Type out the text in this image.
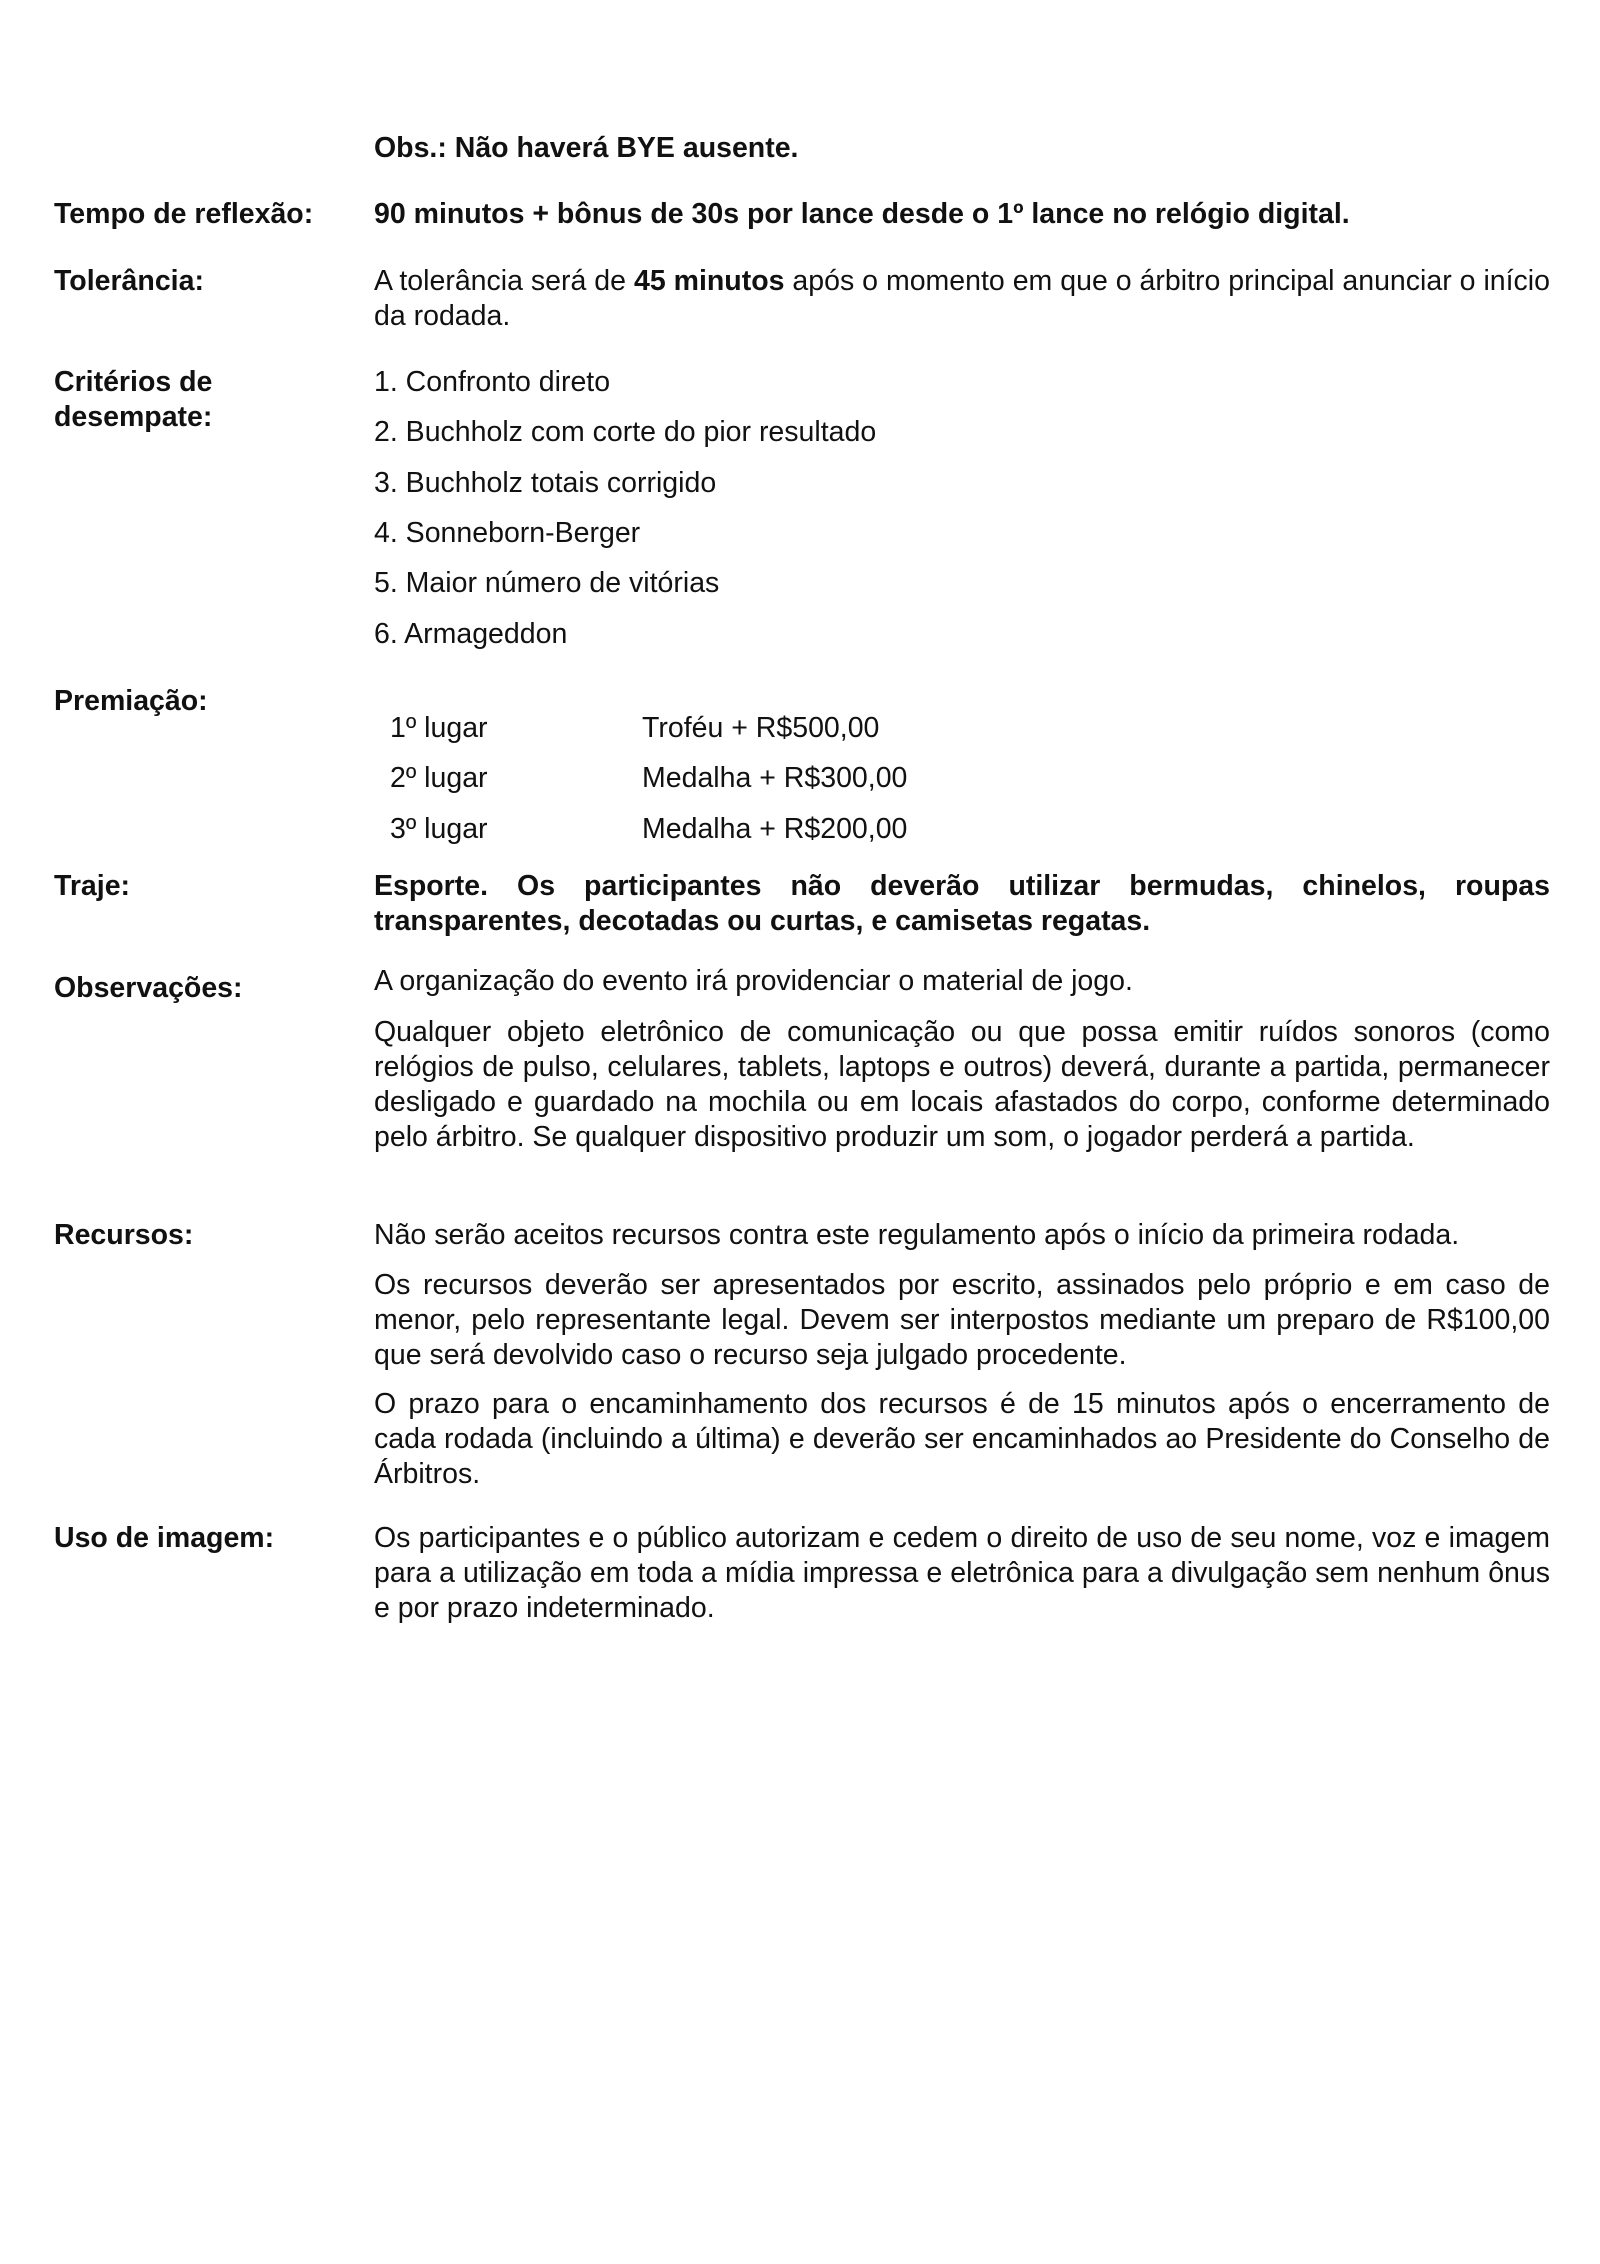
Obs.: Não haverá BYE ausente.
Tempo de reflexão:	90 minutos + bônus de 30s por lance desde o 1º lance no relógio digital.
Tolerância:	A tolerância será de 45 minutos após o momento em que o árbitro principal anunciar o início da rodada.
Critérios de
desempate:
1. Confronto direto
2. Buchholz com corte do pior resultado
3. Buchholz totais corrigido
4. Sonneborn-Berger
5. Maior número de vitórias
6. Armageddon
Premiação:
1º lugar	Troféu + R$500,00
2º lugar	Medalha + R$300,00
3º lugar	Medalha + R$200,00
Traje:	Esporte. Os participantes não deverão utilizar bermudas, chinelos, roupas transparentes, decotadas ou curtas, e camisetas regatas.
Observações:	A organização do evento irá providenciar o material de jogo.
Qualquer objeto eletrônico de comunicação ou que possa emitir ruídos sonoros (como relógios de pulso, celulares, tablets, laptops e outros) deverá, durante a partida, permanecer desligado e guardado na mochila ou em locais afastados do corpo, conforme determinado pelo árbitro. Se qualquer dispositivo produzir um som, o jogador perderá a partida.
Recursos:	Não serão aceitos recursos contra este regulamento após o início da primeira rodada.
Os recursos deverão ser apresentados por escrito, assinados pelo próprio e em caso de menor, pelo representante legal. Devem ser interpostos mediante um preparo de R$100,00 que será devolvido caso o recurso seja julgado procedente.
O prazo para o encaminhamento dos recursos é de 15 minutos após o encerramento de cada rodada (incluindo a última) e deverão ser encaminhados ao Presidente do Conselho de Árbitros.
Uso de imagem:	Os participantes e o público autorizam e cedem o direito de uso de seu nome, voz e imagem para a utilização em toda a mídia impressa e eletrônica para a divulgação sem nenhum ônus e por prazo indeterminado.
